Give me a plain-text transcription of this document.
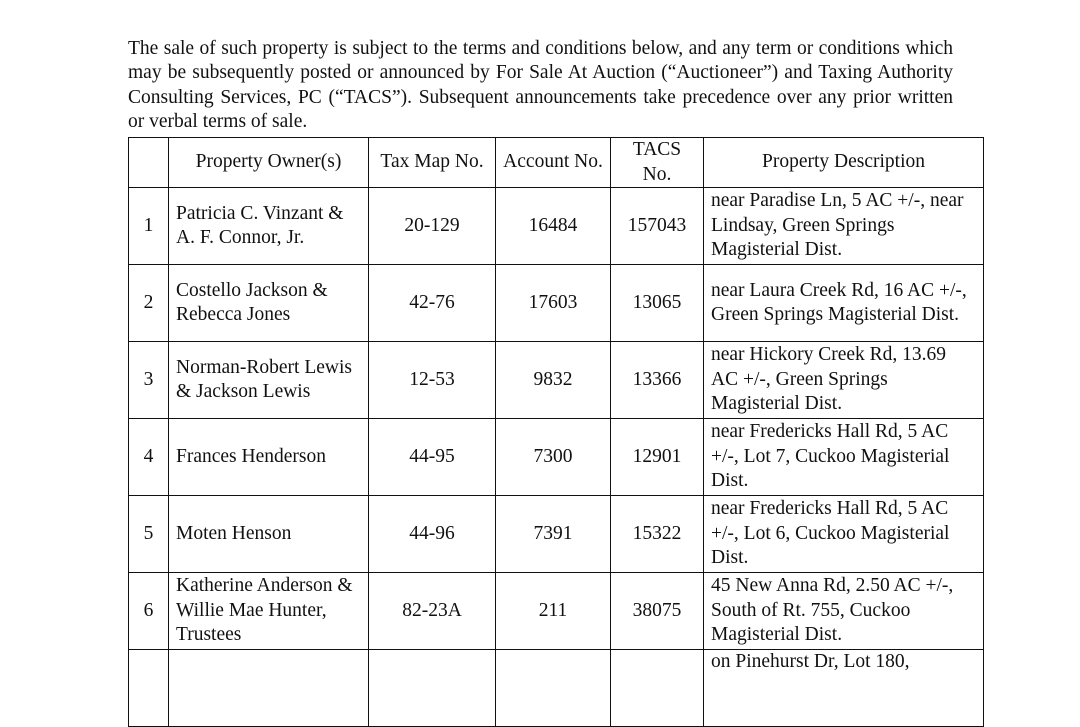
The sale of such property is subject to the terms and conditions below, and any term or conditions which may be subsequently posted or announced by For Sale At Auction (“Auctioneer”) and Taxing Authority Consulting Services, PC (“TACS”). Subsequent announcements take precedence over any prior written or verbal terms of sale.

	Property Owner(s)	Tax Map No.	Account No.	TACS No.	Property Description
1	Patricia C. Vinzant & A. F. Connor, Jr.	20-129	16484	157043	near Paradise Ln, 5 AC +/-, near Lindsay, Green Springs Magisterial Dist.
2	Costello Jackson & Rebecca Jones	42-76	17603	13065	near Laura Creek Rd, 16 AC +/-, Green Springs Magisterial Dist.
3	Norman-Robert Lewis & Jackson Lewis	12-53	9832	13366	near Hickory Creek Rd, 13.69 AC +/-, Green Springs Magisterial Dist.
4	Frances Henderson	44-95	7300	12901	near Fredericks Hall Rd, 5 AC +/-, Lot 7, Cuckoo Magisterial Dist.
5	Moten Henson	44-96	7391	15322	near Fredericks Hall Rd, 5 AC +/-, Lot 6, Cuckoo Magisterial Dist.
6	Katherine Anderson & Willie Mae Hunter, Trustees	82-23A	211	38075	45 New Anna Rd, 2.50 AC +/-, South of Rt. 755, Cuckoo Magisterial Dist.
					on Pinehurst Dr, Lot 180,
